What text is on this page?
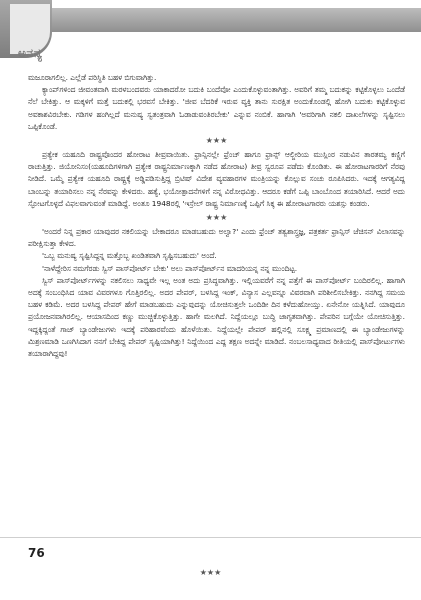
ಅನನ್ಯ
ಮಜೂರಾಗಲಿಲ್ಲ. ಎಲ್ಲೆಡೆ ಪರಿಸ್ಥಿತಿ ಬಹಳ ಬಿಗುವಾಗಿತ್ತು.
ಕ್ಯಾಂಪ್‌ಗಳಿಂದ ಜೀವಂತವಾಗಿ ಮರಳಬಂದವರು ಯಾಕಾದರೋ ಬದುಕಿ ಬಂದೆವೋ ಎಂದುಕೊಳ್ಳುವಂತಾಗಿತ್ತು. ಅವರಿಗೆ ತಮ್ಮ ಬದುಕನ್ನು ಕಟ್ಟಿಕೊಳ್ಳಲು ಒಂದೆಡೆ ನೆಲೆ ಬೇಕಿತ್ತು. ಆ ಮಕ್ಕಳಿಗೆ ಮತ್ತೆ ಬದುಕಲ್ಲಿ ಭರವಸೆ ಬೇಕಿತ್ತು. 'ಜೀವ ಬೆದರಿಕೆ ಇರುವ ವ್ಯಕ್ತಿ ತಾನು ಸುರಕ್ಷಿತ ಅಂದುಕೊಂಡಲ್ಲಿ ಹೋಗಿ ಬದುಕು ಕಟ್ಟಿಕೊಳ್ಳುವ ಅವಕಾಶವಿರಬೇಕು. ಗಡಿಗಳ ಹಂಗಿಲ್ಲದೆ ಮನುಷ್ಯ ಸ್ವತಂತ್ರವಾಗಿ ಓಡಾಡುವಂತಿರಬೇಕು' ಎನ್ನುವ ನಂಬಿಕೆ. ಹಾಗಾಗಿ 'ಅವರಿಗಾಗಿ ನಕಲಿ ದಾಖಲೆಗಳನ್ನು ಸೃಷ್ಟಿಸಲು ಒಪ್ಪಿಕೊಂಡೆ.
★★★
ಪ್ರತ್ಯೇಕ ಯಹೂದಿ ರಾಷ್ಟ್ರವೊಂದರ ಹೋರಾಟ ತೀವ್ರವಾಯಿತು. ಫ್ರಾನ್ಸಿನಲ್ಲೇ ಫ್ರೆಂಚ್ ಹಾಗೂ ಫ್ರಾನ್ಸ್ ಆಲ್ಜೀರಿಯ ಮುಸ್ಲಿಂರ ನಡುವಿನ ತಾರತಮ್ಯ ಕಣ್ಣಿಗೆ ರಾಚುತ್ತಿತ್ತು. ಜಿಯೋನಿಸಂ(ಯಹೂದಿಗಳಿಗಾಗಿ ಪ್ರತ್ಯೇಕ ರಾಷ್ಟ್ರನಿರ್ಮಾಣಕ್ಕಾಗಿ ನಡೆದ ಹೋರಾಟ) ತೀವ್ರ ಸ್ವರೂಪ ಪಡೆದು ಕೊಂಡಿತು. ಈ ಹೋರಾಟಗಾರರಿಗೆ ನೆರವು ನೀಡಿದೆ. ಒಮ್ಮೆ ಪ್ರತ್ಯೇಕ ಯಹೂದಿ ರಾಷ್ಟ್ರಕ್ಕೆ ಅಡ್ಡಿಪಡಿಸುತ್ತಿದ್ದ ಬ್ರಿಟಿಷ್ ವಿದೇಶ ವ್ಯವಹಾರಗಳ ಮಂತ್ರಿಯನ್ನು ಕೊಲ್ಲುವ ಸಂಚು ರೂಪಿಸಿದರು. ಇದಕ್ಕೆ ಆಗತ್ಯವಿದ್ದ ಬಾಂಬನ್ನು ತಯಾರಿಸಲು ನನ್ನ ನೆರವನ್ನು ಕೇಳಿದರು. ಹತ್ಯೆ, ಭಯೋತ್ಪಾದನೆಗಳಿಗೆ ನನ್ನ ವಿರೋಧವಿತ್ತು. ಆದರೂ ಕಡೆಗೆ ಒಪ್ಪಿ ಬಾಂಬೊಂದ ತಯಾರಿಸಿದೆ. ಆದರೆ ಅದು ಸ್ಫೋಟಗೊಳ್ಳದೆ ವಿಫಲವಾಗುವಂತೆ ಮಾಡಿದ್ದೆ. ಅಂತೂ 1948ರಲ್ಲಿ 'ಇಸ್ರೇಲ್ ರಾಷ್ಟ್ರ ನಿರ್ಮಾಣಕ್ಕೆ ಒಪ್ಪಿಗೆ ಸಿಕ್ಕ ಈ ಹೋರಾಟಗಾರರು ಯಶಸ್ಸು ಕಂಡರು.
★★★
'ಅಂದರೆ ನಿನ್ನ ಪ್ರಕಾರ ಯಾವುದರ ನಕಲಿಯನ್ನು ಬೇಕಾದರೂ ಮಾಡಬಹುದು ಅಲ್ವಾ?' ಎಂದು ಫ್ರೆಂಚ್ ತತ್ವಶಾಸ್ತ್ರಜ್ಞ, ಪತ್ರಕರ್ತ ಫ್ರಾನ್ಸಿಸ್ ಜೆಚಿಸನ್ ವಿಲಾಸವನ್ನು ಪರೀಕ್ಷಿಸುತ್ತಾ ಕೇಳಿದ.
'ಒಬ್ಬ ಮನುಷ್ಯ ಸೃಷ್ಟಿಸಿದ್ದನ್ನ ಮತ್ತೊಬ್ಬ ಖಂಡಿತವಾಗಿ ಸೃಷ್ಟಿಸಬಹುದು' ಅಂದೆ.
'ನಾಳೆದ್ದೇರಿಸ ನಮಗೆರಡು ಸ್ವಿಸ್ ಪಾಸ್‌ಪೋರ್ಟ್ ಬೇಕು' ಅಲು ಪಾಸ್‌ಪೋರ್ಟ್‌ನ ಮಾದರಿಯನ್ನ ನನ್ನ ಮುಂದಿಟ್ಟ.
ಸ್ವಿಸ್ ಪಾಸ್‌ಪೋರ್ಟ್‌ಗಳನ್ನು ನಕಲಿಸಲು ಸಾಧ್ಯವೇ ಇಲ್ಲ ಅಂತ ಅದು ಪ್ರಸಿದ್ಧವಾಗಿತ್ತು. ಇಲ್ಲಿಯವರೆಗೆ ನನ್ನ ಪತ್ತೆಗೆ ಈ ಪಾಸ್‌ಪೋರ್ಟ್ ಬಂದಿರಲಿಲ್ಲ. ಹಾಗಾಗಿ ಅದಕ್ಕೆ ಸಂಬಂಧಿಸಿದ ಯಾವ ವಿವರಗಳೂ ಗೊತ್ತಿರಲಿಲ್ಲ. ಅದರ ಪೇಪರ್, ಬಳಸಿದ್ದ ಇಂಕ್, ವಿನ್ಯಾಸ ಎಲ್ಲವನ್ನೂ ವಿವರವಾಗಿ ಪರಿಶೀಲಿಸಬೇಕಿತ್ತು. ನನಗಿದ್ದ ಸಮಯ ಬಹಳ ಕಡಿಮೆ. ಅದರ ಬಳಸಿದ್ದ ಪೇಪರ್ ಹೇಗೆ ಮಾಡಬಹುದು ಎನ್ನುವುದನ್ನು ಯೋಚಿಸುತ್ತಲೇ ಒಂದಿಡೀ ದಿನ ಕಳೆದುಹೋಯ್ತು. ಏನೇನೋ ಯತ್ನಿಸಿದೆ. ಯಾವುದೂ ಪ್ರಯೋಜನವಾಗಿರಲಿಲ್ಲ. ಆಯಾಸದಿಂದ ಕಣ್ಣು ಮುಚ್ಚಿಕೊಳ್ಳುತ್ತಿತ್ತು. ಹಾಗೇ ಮಲಗಿದೆ. ನಿದ್ದೆಯಲ್ಲೂ ಬುದ್ಧಿ ಜಾಗೃತವಾಗಿತ್ತು. ಪೇಪರಿನ ಬಗ್ಗೆಯೇ ಯೋಚಿಸುತ್ತಿತ್ತು. ಇದ್ದಕ್ಕಿದ್ದಂತೆ ಗಾಜ್ ಬ್ಯಾಂಡೇಜುಗಳು ಇದಕ್ಕೆ ಪರಿಹಾರವೆಂದು ಹೊಳೆಯಿತು. ನಿದ್ದೆಯಲ್ಲೇ ಪೇಪರ್ ಹಲ್ಲಿನಲ್ಲಿ ಸೂಕ್ಷ್ಮ ಪ್ರಮಾಣದಲ್ಲಿ ಈ ಬ್ಯಾಂಡೇಜುಗಳನ್ನು ಮಿಶ್ರಣಮಾಡಿ ಒಣಗಿಸಿದಾಗ ನನಗೆ ಬೇಕಿದ್ದ ಪೇಪರ್ ಸೃಷ್ಟಿಯಾಗಿತ್ತು! ನಿದ್ದೆಯಿಂದ ಎದ್ದ ತಕ್ಷಣ ಅದನ್ನೇ ಮಾಡಿದೆ. ನಂಬಲಸಾಧ್ಯವಾದ ರೀತಿಯಲ್ಲಿ ಪಾಸ್‌ಪೋರ್ಟುಗಳು ತಯಾರಾಗಿದ್ದವು!
76
★★★
